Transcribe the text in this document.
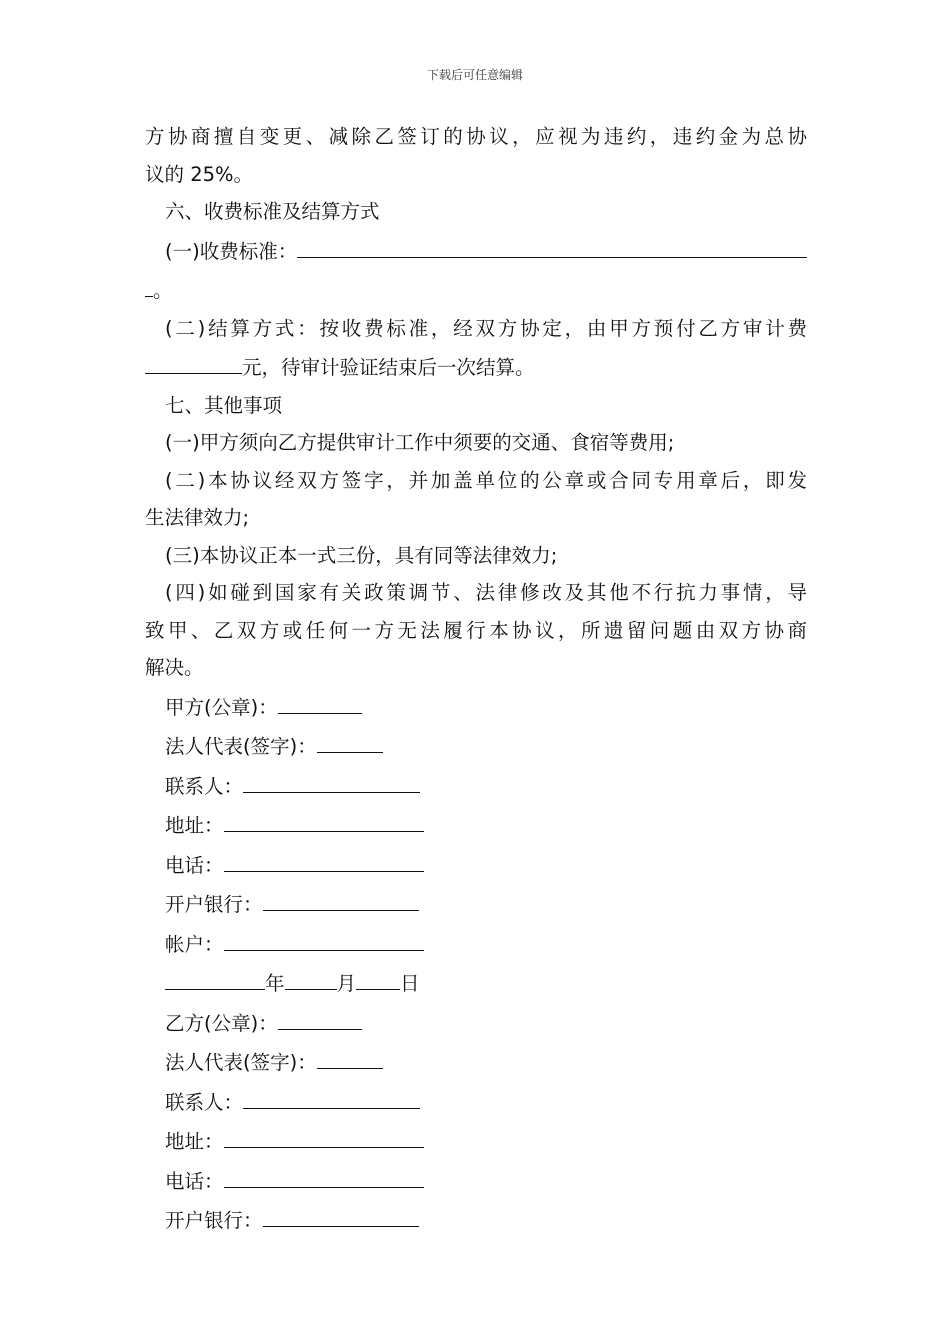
下载后可任意编辑

方协商擅自变更、减除乙签订的协议，应视为违约，违约金为总协

议的 25%。

六、收费标准及结算方式

(一)收费标准：

。

(二)结算方式：按收费标准，经双方协定，由甲方预付乙方审计费

元，待审计验证结束后一次结算。

七、其他事项

(一)甲方须向乙方提供审计工作中须要的交通、食宿等费用;

(二)本协议经双方签字，并加盖单位的公章或合同专用章后，即发

生法律效力;

(三)本协议正本一式三份，具有同等法律效力;

(四)如碰到国家有关政策调节、法律修改及其他不行抗力事情，导

致甲、乙双方或任何一方无法履行本协议，所遗留问题由双方协商

解决。

甲方(公章)：

法人代表(签字)：

联系人：

地址：

电话：

开户银行：

帐户：

年	月 日

乙方(公章)：

法人代表(签字)：

联系人：

地址：

电话：

开户银行：
